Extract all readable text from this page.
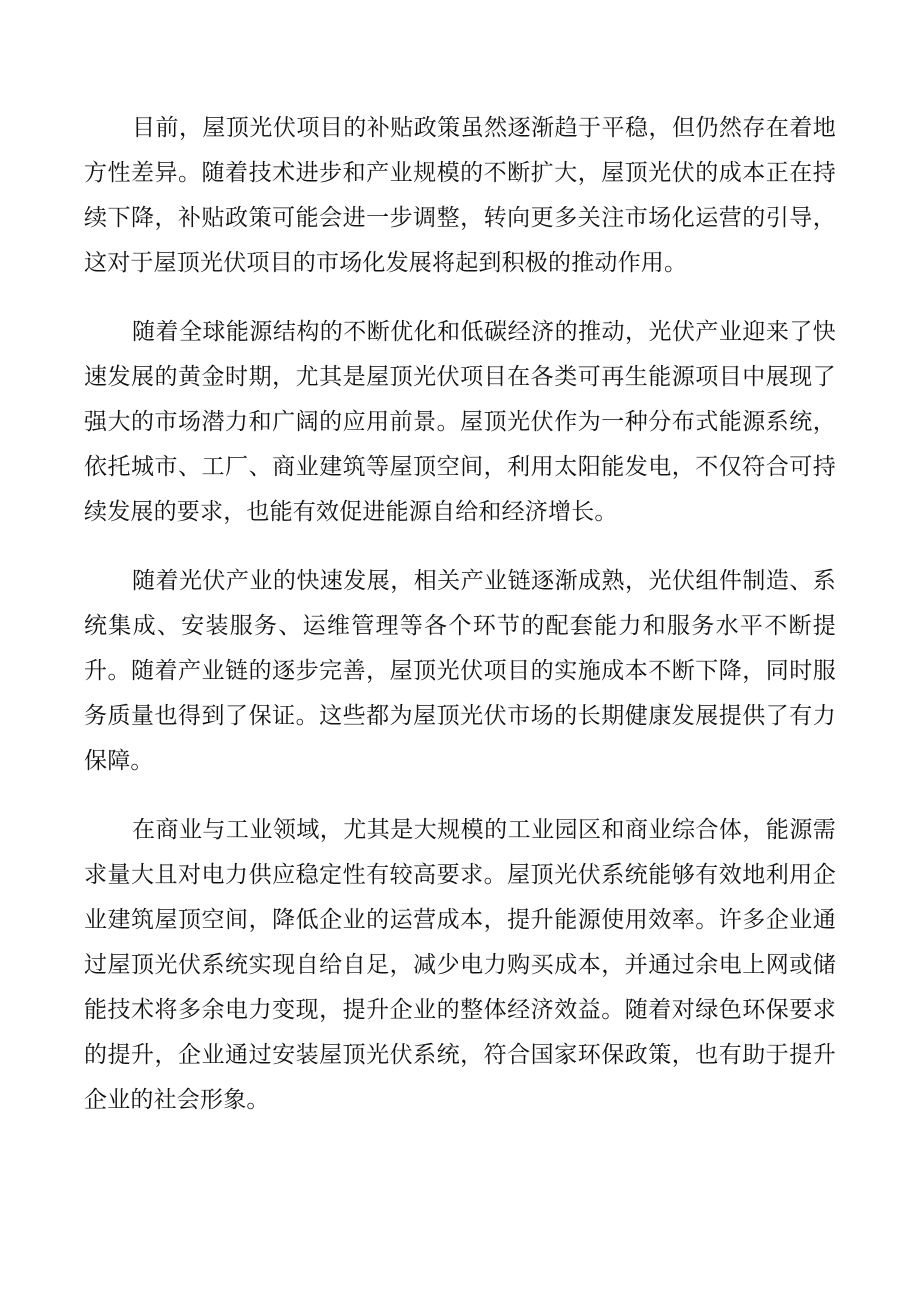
目前，屋顶光伏项目的补贴政策虽然逐渐趋于平稳，但仍然存在着地方性差异。随着技术进步和产业规模的不断扩大，屋顶光伏的成本正在持续下降，补贴政策可能会进一步调整，转向更多关注市场化运营的引导，这对于屋顶光伏项目的市场化发展将起到积极的推动作用。

随着全球能源结构的不断优化和低碳经济的推动，光伏产业迎来了快速发展的黄金时期，尤其是屋顶光伏项目在各类可再生能源项目中展现了强大的市场潜力和广阔的应用前景。屋顶光伏作为一种分布式能源系统，依托城市、工厂、商业建筑等屋顶空间，利用太阳能发电，不仅符合可持续发展的要求，也能有效促进能源自给和经济增长。

随着光伏产业的快速发展，相关产业链逐渐成熟，光伏组件制造、系统集成、安装服务、运维管理等各个环节的配套能力和服务水平不断提升。随着产业链的逐步完善，屋顶光伏项目的实施成本不断下降，同时服务质量也得到了保证。这些都为屋顶光伏市场的长期健康发展提供了有力保障。

在商业与工业领域，尤其是大规模的工业园区和商业综合体，能源需求量大且对电力供应稳定性有较高要求。屋顶光伏系统能够有效地利用企业建筑屋顶空间，降低企业的运营成本，提升能源使用效率。许多企业通过屋顶光伏系统实现自给自足，减少电力购买成本，并通过余电上网或储能技术将多余电力变现，提升企业的整体经济效益。随着对绿色环保要求的提升，企业通过安装屋顶光伏系统，符合国家环保政策，也有助于提升企业的社会形象。
